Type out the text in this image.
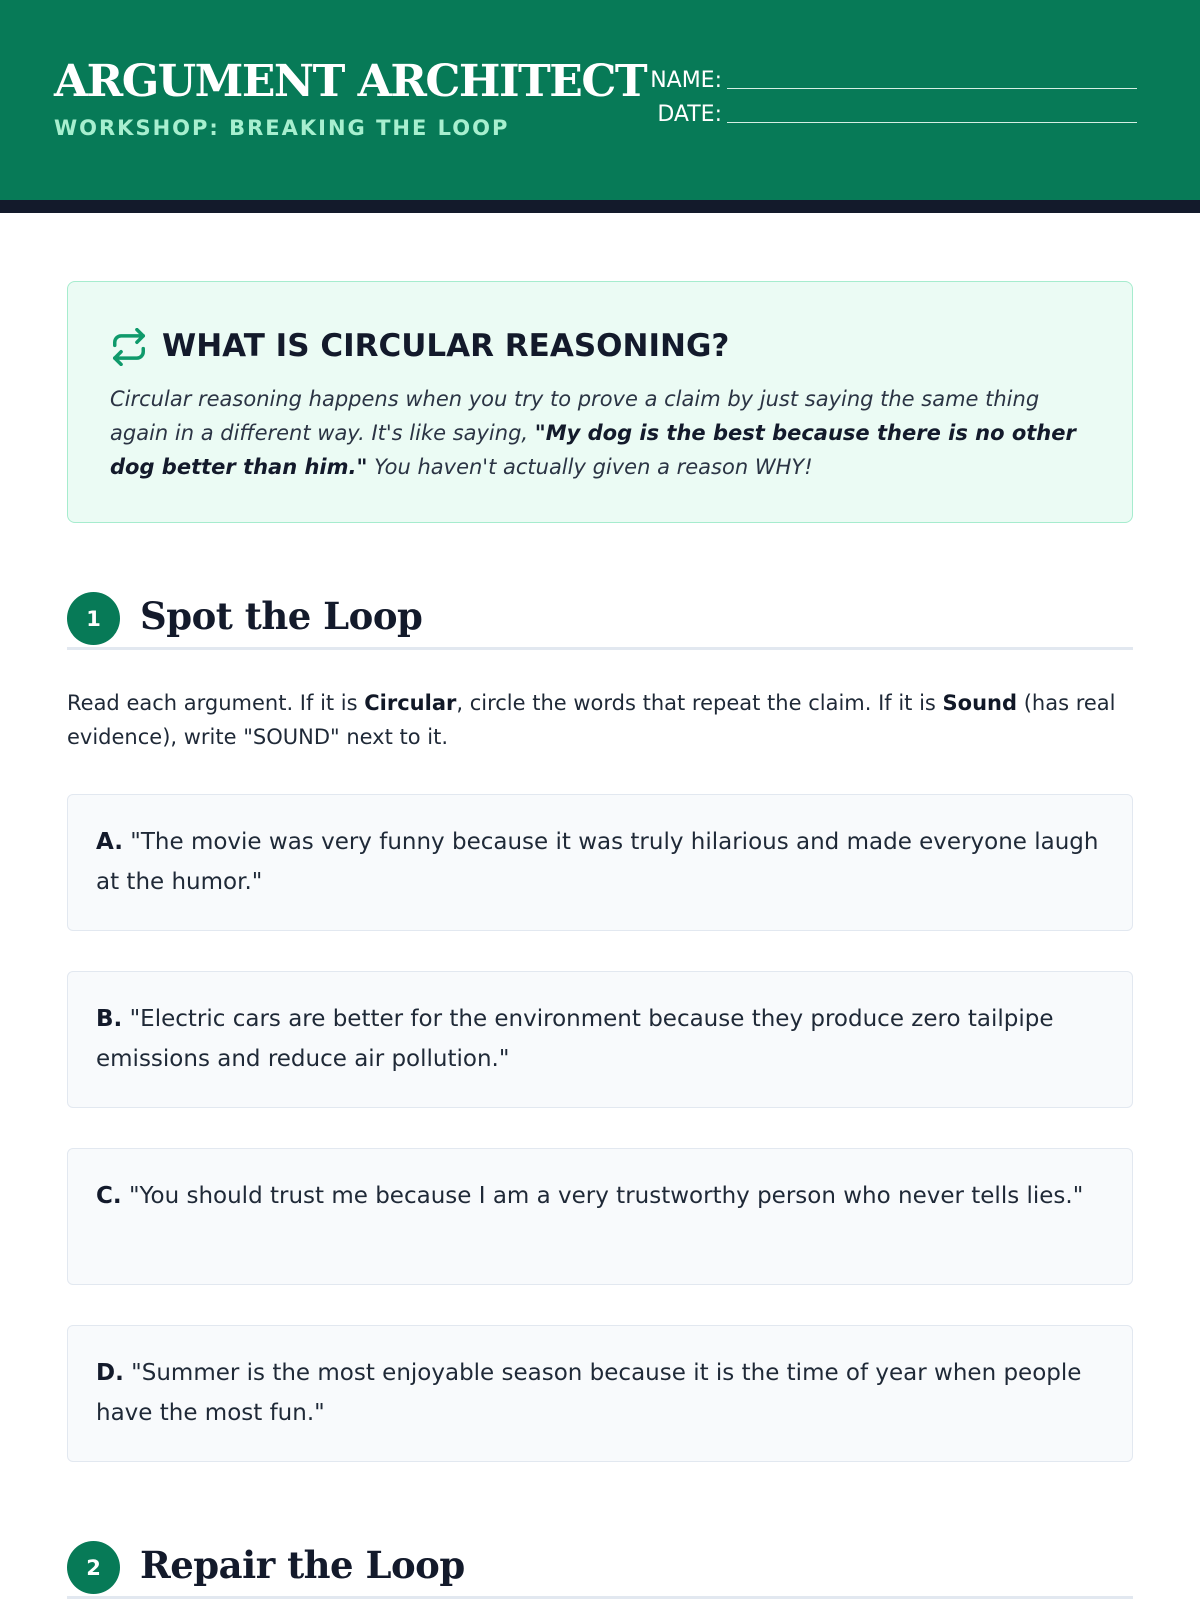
ARGUMENT ARCHITECT
WORKSHOP: BREAKING THE LOOP
NAME:
DATE:
WHAT IS CIRCULAR REASONING?
Circular reasoning happens when you try to prove a claim by just saying the same thing again in a different way. It's like saying, "My dog is the best because there is no other dog better than him." You haven't actually given a reason WHY!
1	Spot the Loop
Read each argument. If it is Circular, circle the words that repeat the claim. If it is Sound (has real evidence), write "SOUND" next to it.
A. "The movie was very funny because it was truly hilarious and made everyone laugh at the humor."
B. "Electric cars are better for the environment because they produce zero tailpipe emissions and reduce air pollution."
C. "You should trust me because I am a very trustworthy person who never tells lies."
D. "Summer is the most enjoyable season because it is the time of year when people have the most fun."
2	Repair the Loop
